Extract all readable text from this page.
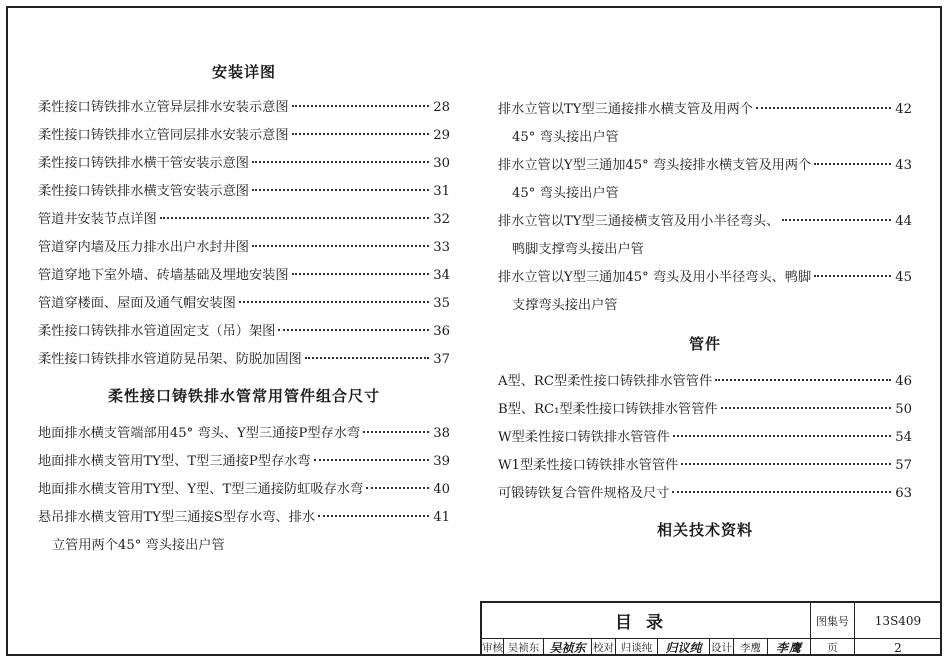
安装详图
柔性接口铸铁排水立管异层排水安装示意图	28
柔性接口铸铁排水立管同层排水安装示意图	29
柔性接口铸铁排水横干管安装示意图	30
柔性接口铸铁排水横支管安装示意图	31
管道井安装节点详图	32
管道穿内墙及压力排水出户水封井图	33
管道穿地下室外墙、砖墙基础及埋地安装图	34
管道穿楼面、屋面及通气帽安装图	35
柔性接口铸铁排水管道固定支（吊）架图	36
柔性接口铸铁排水管道防晃吊架、防脱加固图	37
柔性接口铸铁排水管常用管件组合尺寸
地面排水横支管端部用45° 弯头、Y型三通接P型存水弯	38
地面排水横支管用TY型、T型三通接P型存水弯	39
地面排水横支管用TY型、Y型、T型三通接防虹吸存水弯	40
悬吊排水横支管用TY型三通接S型存水弯、排水	41
立管用两个45° 弯头接出户管
排水立管以TY型三通接排水横支管及用两个	42
45° 弯头接出户管
排水立管以Y型三通加45° 弯头接排水横支管及用两个	43
45° 弯头接出户管
排水立管以TY型三通接横支管及用小半径弯头、	44
鸭脚支撑弯头接出户管
排水立管以Y型三通加45° 弯头及用小半径弯头、鸭脚	45
支撑弯头接出户管
管件
A型、RC型柔性接口铸铁排水管管件	46
B型、RC₁型柔性接口铸铁排水管管件	50
W型柔性接口铸铁排水管管件	54
W1型柔性接口铸铁排水管管件	57
可锻铸铁复合管件规格及尺寸	63
相关技术资料
目录	图集号	13S409
审核 吴祯东 吴祯东 校对 归谈纯	归议纯 设计 李鹰	李鹰	页	2
